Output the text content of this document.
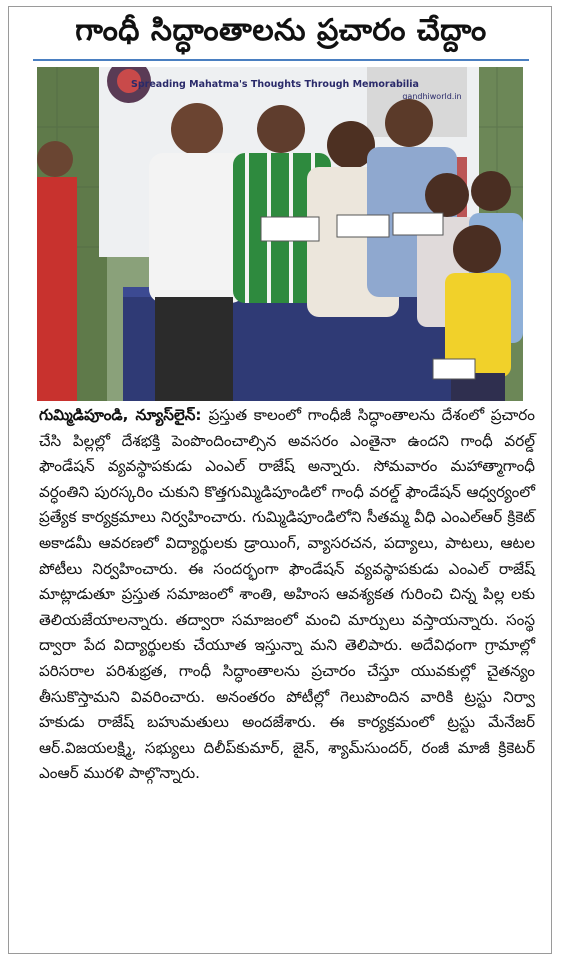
గాంధీ సిద్ధాంతాలను ప్రచారం చేద్దాం
Spreading Mahatma's Thoughts Through Memorabilia
gandhiworld.in
గుమ్మిడిపూండి, న్యూస్‌లైన్: ప్రస్తుత కాలంలో గాంధీజీ సిద్ధాంతాలను దేశంలో ప్రచారం చేసి పిల్లల్లో దేశభక్తి పెంపొందించాల్సిన అవసరం ఎంతైనా ఉందని గాంధీ వరల్డ్ ఫౌండేషన్ వ్యవస్థాపకుడు ఎంఎల్ రాజేష్ అన్నారు. సోమవారం మహాత్మాగాంధీ వర్ధంతిని పురస్కరిం చుకుని కొత్తగుమ్మిడిపూండిలో గాంధీ వరల్డ్ ఫౌండేషన్ ఆధ్వర్యంలో ప్రత్యేక కార్యక్రమాలు నిర్వహించారు. గుమ్మిడిపూండిలోని సీతమ్మ వీధి ఎంఎల్ఆర్ క్రికెట్ అకాడమీ ఆవరణలో విద్యార్థులకు డ్రాయింగ్, వ్యాసరచన, పద్యాలు, పాటలు, ఆటల పోటీలు నిర్వహించారు. ఈ సందర్భంగా ఫౌండేషన్ వ్యవస్థాపకుడు ఎంఎల్ రాజేష్ మాట్లాడుతూ ప్రస్తుత సమాజంలో శాంతి, అహింస ఆవశ్యకత గురించి చిన్న పిల్ల లకు తెలియజేయాలన్నారు. తద్వారా సమాజంలో మంచి మార్పులు వస్తాయన్నారు. సంస్థ ద్వారా పేద విద్యార్థులకు చేయూత ఇస్తున్నా మని తెలిపారు. అదేవిధంగా గ్రామాల్లో పరిసరాల పరిశుభ్రత, గాంధీ సిద్ధాంతాలను ప్రచారం చేస్తూ యువకుల్లో చైతన్యం తీసుకొస్తామని వివరించారు. అనంతరం పోటీల్లో గెలుపొందిన వారికి ట్రస్టు నిర్వా హకుడు రాజేష్ బహుమతులు అందజేశారు. ఈ కార్యక్రమంలో ట్రస్టు మేనేజర్ ఆర్.విజయలక్ష్మి, సభ్యులు దిలీప్‌కుమార్, జైన్, శ్యామ్‌సుందర్, రంజీ మాజీ క్రికెటర్ ఎంఆర్ మురళి పాల్గొన్నారు.
